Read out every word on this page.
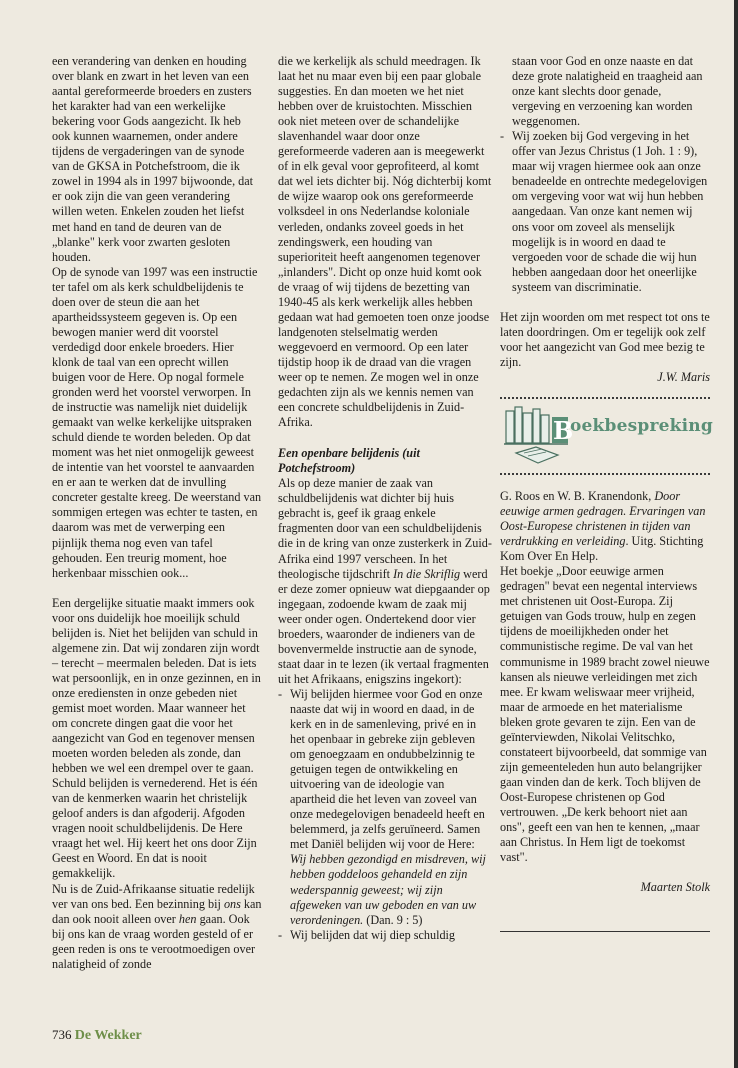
een verandering van denken en houding over blank en zwart in het leven van een aantal gereformeerde broeders en zusters het karakter had van een werkelijke bekering voor Gods aangezicht. Ik heb ook kunnen waarnemen, onder andere tijdens de vergaderingen van de synode van de GKSA in Potchefstroom, die ik zowel in 1994 als in 1997 bijwoonde, dat er ook zijn die van geen verandering willen weten. Enkelen zouden het liefst met hand en tand de deuren van de „blanke" kerk voor zwarten gesloten houden.

Op de synode van 1997 was een instructie ter tafel om als kerk schuldbelijdenis te doen over de steun die aan het apartheidssysteem gegeven is. Op een bewogen manier werd dit voorstel verdedigd door enkele broeders. Hier klonk de taal van een oprecht willen buigen voor de Here. Op nogal formele gronden werd het voorstel verworpen. In de instructie was namelijk niet duidelijk gemaakt van welke kerkelijke uitspraken schuld diende te worden beleden. Op dat moment was het niet onmogelijk geweest de intentie van het voorstel te aanvaarden en er aan te werken dat de invulling concreter gestalte kreeg. De weerstand van sommigen ertegen was echter te tasten, en daarom was met de verwerping een pijnlijk thema nog even van tafel gehouden. Een treurig moment, hoe herkenbaar misschien ook...

Een dergelijke situatie maakt immers ook voor ons duidelijk hoe moeilijk schuld belijden is. Niet het belijden van schuld in algemene zin. Dat wij zondaren zijn wordt – terecht – meermalen beleden. Dat is iets wat persoonlijk, en in onze gezinnen, en in onze erediensten in onze gebeden niet gemist moet worden. Maar wanneer het om concrete dingen gaat die voor het aangezicht van God en tegenover mensen moeten worden beleden als zonde, dan hebben we wel een drempel over te gaan. Schuld belijden is vernederend. Het is één van de kenmerken waarin het christelijk geloof anders is dan afgoderij. Afgoden vragen nooit schuldbelijdenis. De Here vraagt het wel. Hij keert het ons door Zijn Geest en Woord. En dat is nooit gemakkelijk.

Nu is de Zuid-Afrikaanse situatie redelijk ver van ons bed. Een bezinning bij ons kan dan ook nooit alleen over hen gaan. Ook bij ons kan de vraag worden gesteld of er geen reden is ons te verootmoedigen over nalatigheid of zonde

die we kerkelijk als schuld meedragen. Ik laat het nu maar even bij een paar globale suggesties. En dan moeten we het niet hebben over de kruistochten. Misschien ook niet meteen over de schandelijke slavenhandel waar door onze gereformeerde vaderen aan is meegewerkt of in elk geval voor geprofiteerd, al komt dat wel iets dichter bij. Nóg dichterbij komt de wijze waarop ook ons gereformeerde volksdeel in ons Nederlandse koloniale verleden, ondanks zoveel goeds in het zendingswerk, een houding van superioriteit heeft aangenomen tegenover „inlanders". Dicht op onze huid komt ook de vraag of wij tijdens de bezetting van 1940-45 als kerk werkelijk alles hebben gedaan wat had gemoeten toen onze joodse landgenoten stelselmatig werden weggevoerd en vermoord. Op een later tijdstip hoop ik de draad van die vragen weer op te nemen. Ze mogen wel in onze gedachten zijn als we kennis nemen van een concrete schuldbelijdenis in Zuid-Afrika.

Een openbare belijdenis (uit Potchefstroom)

Als op deze manier de zaak van schuldbelijdenis wat dichter bij huis gebracht is, geef ik graag enkele fragmenten door van een schuldbelijdenis die in de kring van onze zusterkerk in Zuid-Afrika eind 1997 verscheen. In het theologische tijdschrift In die Skriflig werd er deze zomer opnieuw wat diepgaander op ingegaan, zodoende kwam de zaak mij weer onder ogen. Ondertekend door vier broeders, waaronder de indieners van de bovenvermelde instructie aan de synode, staat daar in te lezen (ik vertaal fragmenten uit het Afrikaans, enigszins ingekort):

- Wij belijden hiermee voor God en onze naaste dat wij in woord en daad, in de kerk en in de samenleving, privé en in het openbaar in gebreke zijn gebleven om genoegzaam en ondubbelzinnig te getuigen tegen de ontwikkeling en uitvoering van de ideologie van apartheid die het leven van zoveel van onze medegelovigen benadeeld heeft en belemmerd, ja zelfs geruïneerd. Samen met Daniël belijden wij voor de Here: Wij hebben gezondigd en misdreven, wij hebben goddeloos gehandeld en zijn wederspannig geweest; wij zijn afgeweken van uw geboden en van uw verordeningen. (Dan. 9 : 5)
- Wij belijden dat wij diep schuldig

staan voor God en onze naaste en dat deze grote nalatigheid en traagheid aan onze kant slechts door genade, vergeving en verzoening kan worden weggenomen.

- Wij zoeken bij God vergeving in het offer van Jezus Christus (1 Joh. 1 : 9), maar wij vragen hiermee ook aan onze benadeelde en ontrechte medegelovigen om vergeving voor wat wij hun hebben aangedaan. Van onze kant nemen wij ons voor om zoveel als menselijk mogelijk is in woord en daad te vergoeden voor de schade die wij hun hebben aangedaan door het oneerlijke systeem van discriminatie.

Het zijn woorden om met respect tot ons te laten doordringen. Om er tegelijk ook zelf voor het aangezicht van God mee bezig te zijn.

J.W. Maris

B
oekbespreking

G. Roos en W. B. Kranendonk, Door eeuwige armen gedragen. Ervaringen van Oost-Europese christenen in tijden van verdrukking en verleiding. Uitg. Stichting Kom Over En Help.

Het boekje „Door eeuwige armen gedragen" bevat een negental interviews met christenen uit Oost-Europa. Zij getuigen van Gods trouw, hulp en zegen tijdens de moeilijkheden onder het communistische regime. De val van het communisme in 1989 bracht zowel nieuwe kansen als nieuwe verleidingen met zich mee. Er kwam weliswaar meer vrijheid, maar de armoede en het materialisme bleken grote gevaren te zijn. Een van de geïnterviewden, Nikolai Velitschko, constateert bijvoorbeeld, dat sommige van zijn gemeenteleden hun auto belangrijker gaan vinden dan de kerk. Toch blijven de Oost-Europese christenen op God vertrouwen. „De kerk behoort niet aan ons", geeft een van hen te kennen, „maar aan Christus. In Hem ligt de toekomst vast".

Maarten Stolk

736 De Wekker
